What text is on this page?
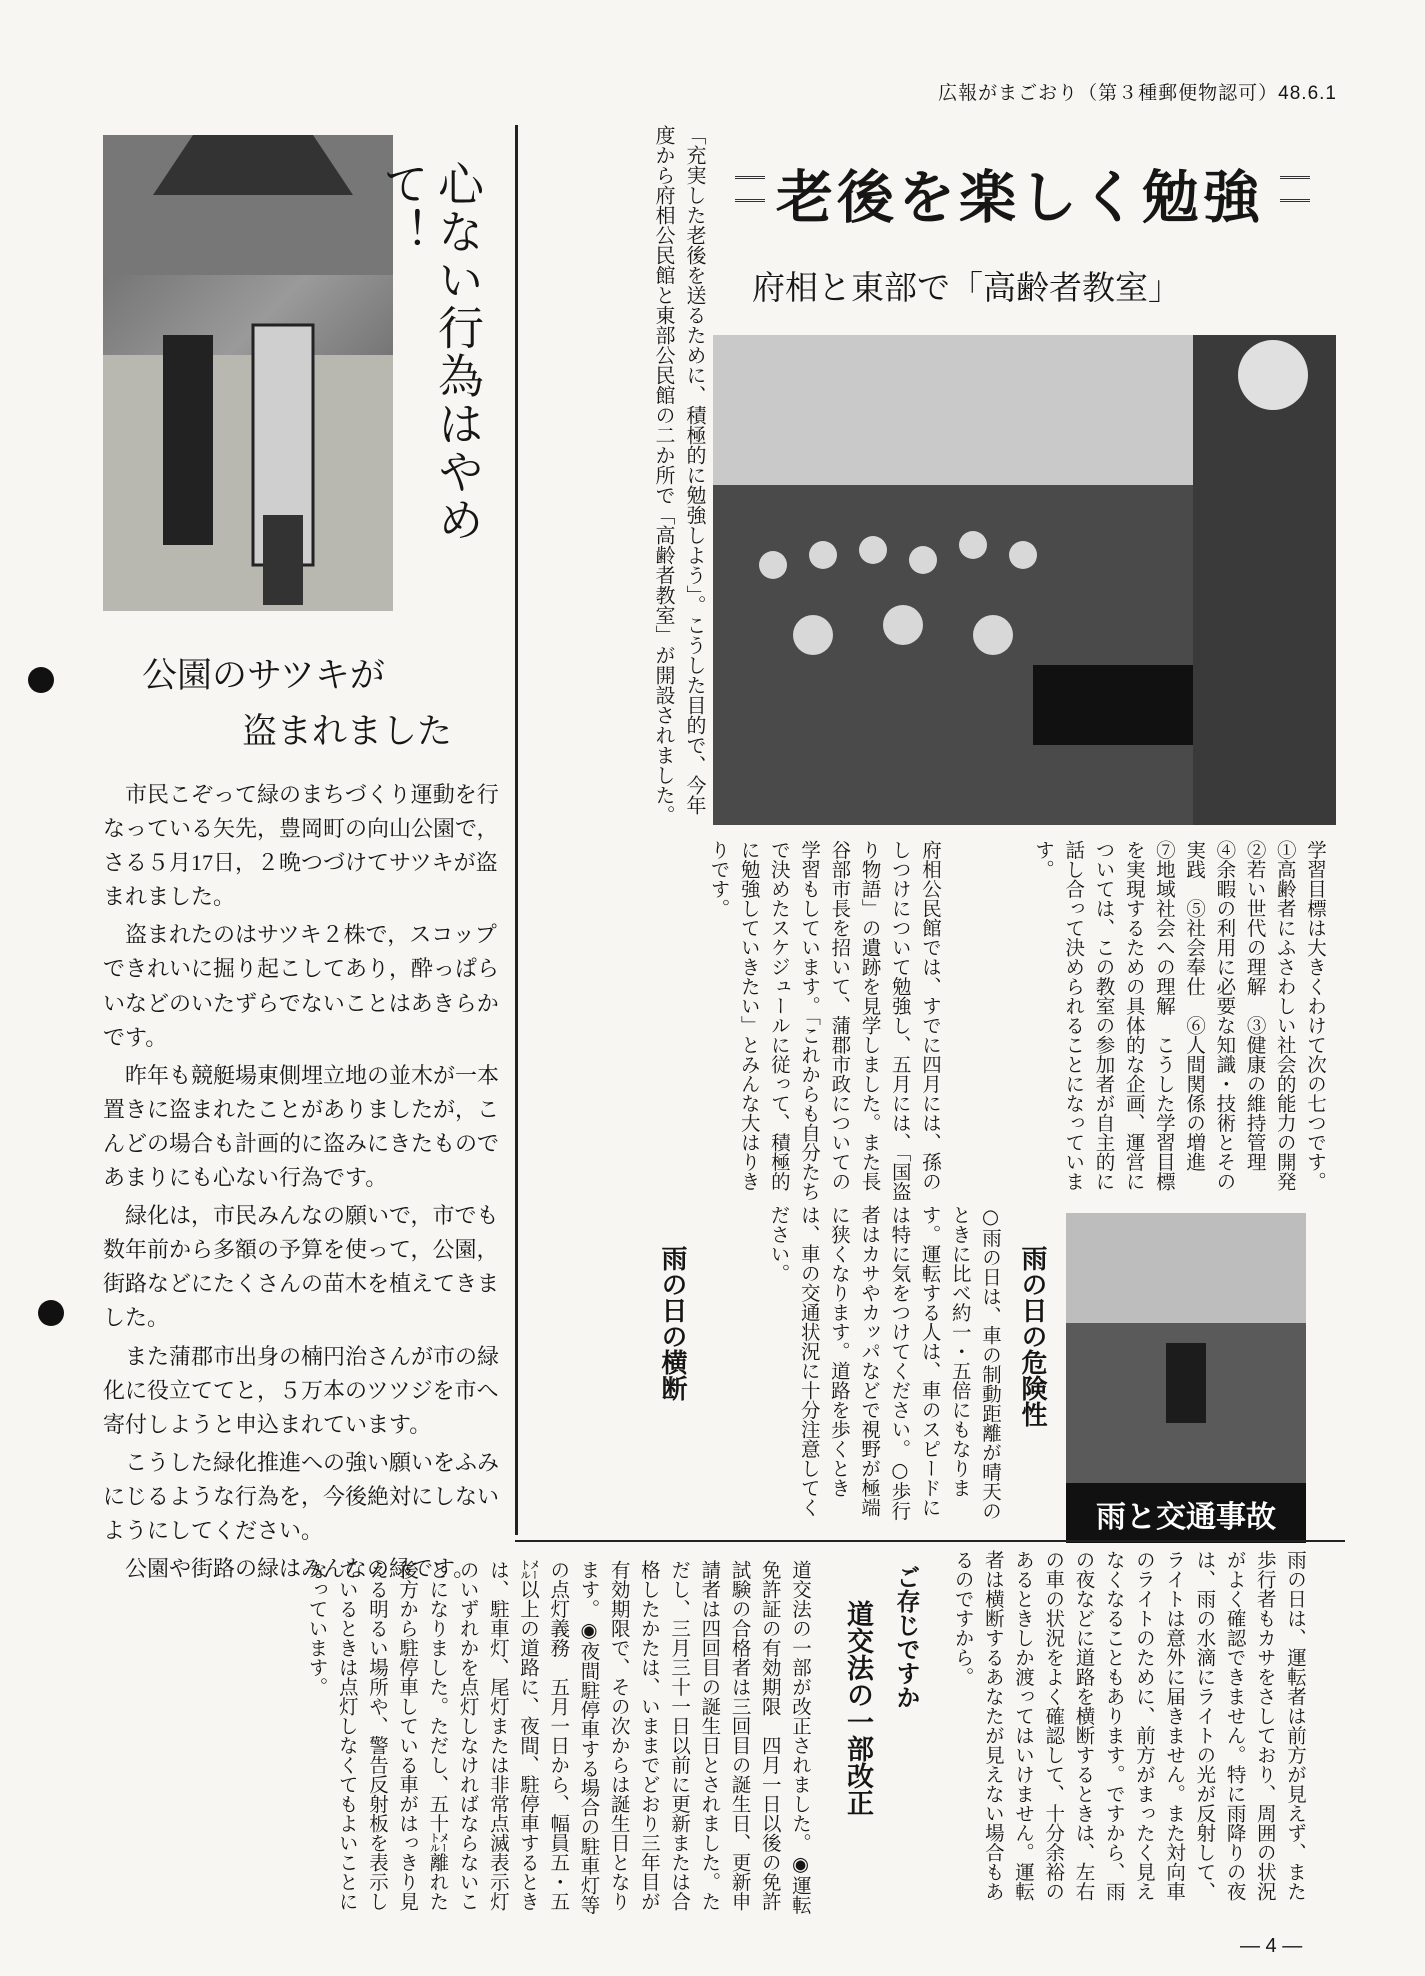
広報がまごおり（第３種郵便物認可）48.6.1
心ない行為はやめて！
公園のサツキが
盗まれました

市民こぞって緑のまちづくり運動を行なっている矢先，豊岡町の向山公園で，さる５月17日，２晩つづけてサツキが盗まれました。

盗まれたのはサツキ２株で，スコップできれいに掘り起こしてあり，酔っぱらいなどのいたずらでないことはあきらかです。

昨年も競艇場東側埋立地の並木が一本置きに盗まれたことがありましたが，こんどの場合も計画的に盗みにきたものであまりにも心ない行為です。

緑化は，市民みんなの願いで，市でも数年前から多額の予算を使って，公園，街路などにたくさんの苗木を植えてきました。

また蒲郡市出身の楠円治さんが市の緑化に役立ててと，５万本のツツジを市へ寄付しようと申込まれています。

こうした緑化推進への強い願いをふみにじるような行為を，今後絶対にしないようにしてください。

公園や街路の緑はみんなの緑です。

「充実した老後を送るために、積極的に勉強しよう」。こうした目的で、今年度から府相公民館と東部公民館の二か所で「高齢者教室」が開設されました。	老後を楽しく勉強
府相と東部で「高齢者教室」
学習目標は大きくわけて次の七つです。①高齢者にふさわしい社会的能力の開発　②若い世代の理解　③健康の維持管理　④余暇の利用に必要な知識・技術とその実践　⑤社会奉仕　⑥人間関係の増進　⑦地域社会への理解　こうした学習目標を実現するための具体的な企画、運営については、この教室の参加者が自主的に話し合って決められることになっています。
府相公民館では、すでに四月には、孫のしつけについて勉強し、五月には、「国盗り物語」の遺跡を見学しました。また長谷部市長を招いて、蒲郡市政についての学習もしています。「これからも自分たちで決めたスケジュールに従って、積極的に勉強していきたい」とみんな大はりきりです。
雨と交通事故
雨の日の危険性
○雨の日は、車の制動距離が晴天のときに比べ約一・五倍にもなります。運転する人は、車のスピードには特に気をつけてください。○歩行者はカサやカッパなどで視野が極端に狭くなります。道路を歩くときは、車の交通状況に十分注意してください。
雨の日の横断
雨の日は、運転者は前方が見えず、また歩行者もカサをさしており、周囲の状況がよく確認できません。特に雨降りの夜は、雨の水滴にライトの光が反射して、ライトは意外に届きません。また対向車のライトのために、前方がまったく見えなくなることもあります。ですから、雨の夜などに道路を横断するときは、左右の車の状況をよく確認して、十分余裕のあるときしか渡ってはいけません。運転者は横断するあなたが見えない場合もあるのですから。
ご存じですか
道交法の一部改正
道交法の一部が改正されました。◉運転免許証の有効期限　四月一日以後の免許試験の合格者は三回目の誕生日、更新申請者は四回目の誕生日とされました。ただし、三月三十一日以前に更新または合格したかたは、いままでどおり三年目が有効期限で、その次からは誕生日となります。◉夜間駐停車する場合の駐車灯等の点灯義務　五月一日から、幅員五・五㍍以上の道路に、夜間、駐停車するときは、駐車灯、尾灯または非常点滅表示灯のいずれかを点灯しなければならないことになりました。ただし、五十㍍離れた後方から駐停車している車がはっきり見える明るい場所や、警告反射板を表示しているときは点灯しなくてもよいことになっています。
― 4 ―
